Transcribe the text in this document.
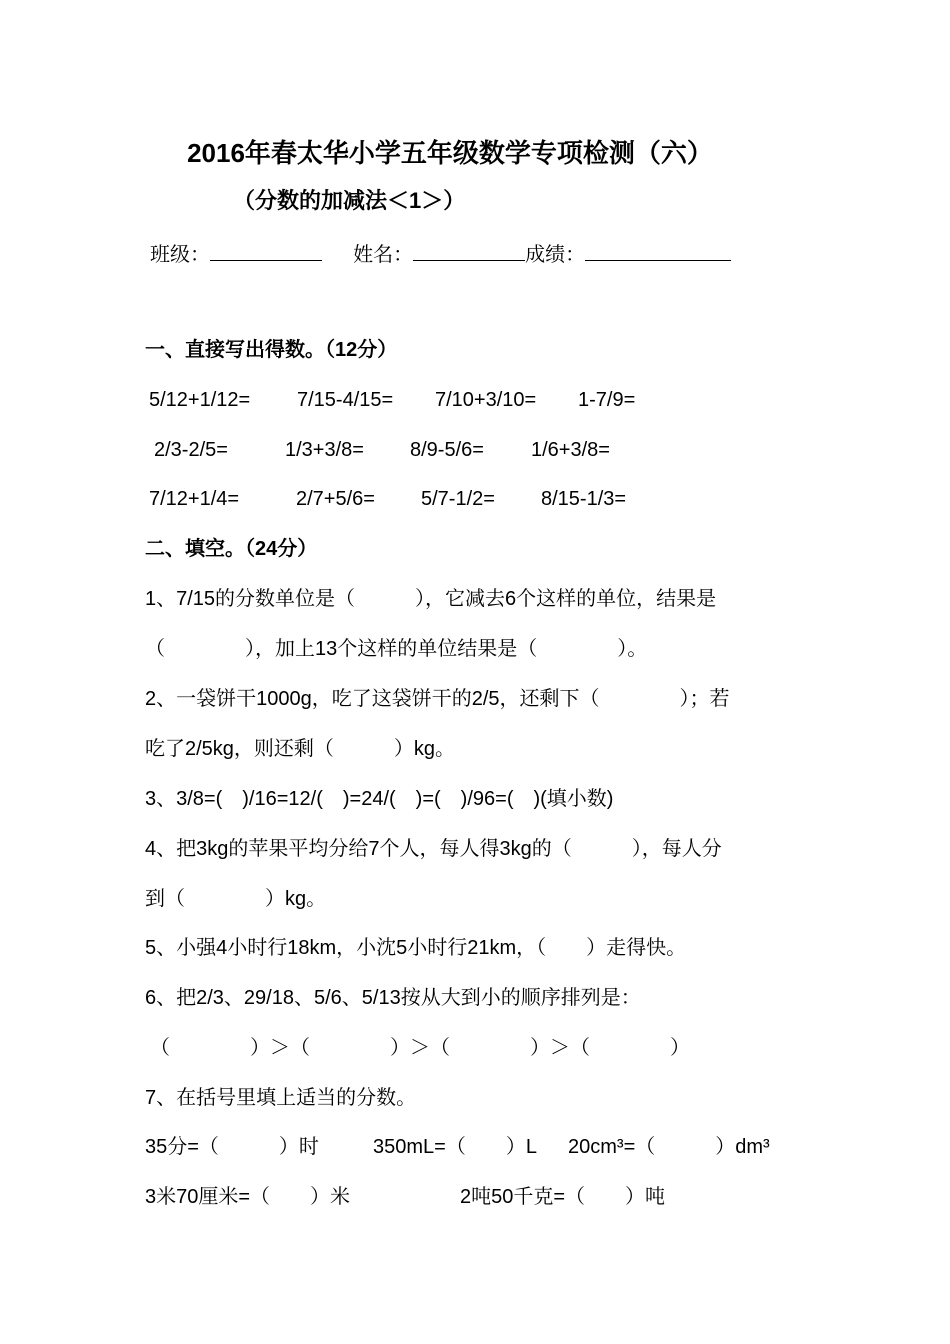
2016年春太华小学五年级数学专项检测（六）
（分数的加减法＜1＞）
班级：	姓名：	成绩：
一、直接写出得数。（12分）
5/12+1/12= 7/15-4/15= 7/10+3/10= 1-7/9=
2/3-2/5=	1/3+3/8= 8/9-5/6= 1/6+3/8=
7/12+1/4=	2/7+5/6= 5/7-1/2= 8/15-1/3=
二、填空。（24分）
1、7/15的分数单位是（　　　），它减去6个这样的单位，结果是
（　　　　），加上13个这样的单位结果是（　　　　）。
2、一袋饼干1000g，吃了这袋饼干的2/5，还剩下（　　　　）；若
吃了2/5kg，则还剩（　　　）kg。
3、3/8=(　)/16=12/(　)=24/(　)=(　)/96=(　)(填小数)
4、把3kg的苹果平均分给7个人，每人得3kg的（　　　），每人分
到（　　　　）kg。
5、小强4小时行18km，小沈5小时行21km，（　　）走得快。
6、把2/3、29/18、5/6、5/13按从大到小的顺序排列是：
（　　　　）＞（　　　　）＞（　　　　）＞（　　　　）
7、在括号里填上适当的分数。
35分=（　　　）时	350mL=（　　）L 20cm³=（　　　）dm³
3米70厘米=（　　）米	2吨50千克=（　　）吨
